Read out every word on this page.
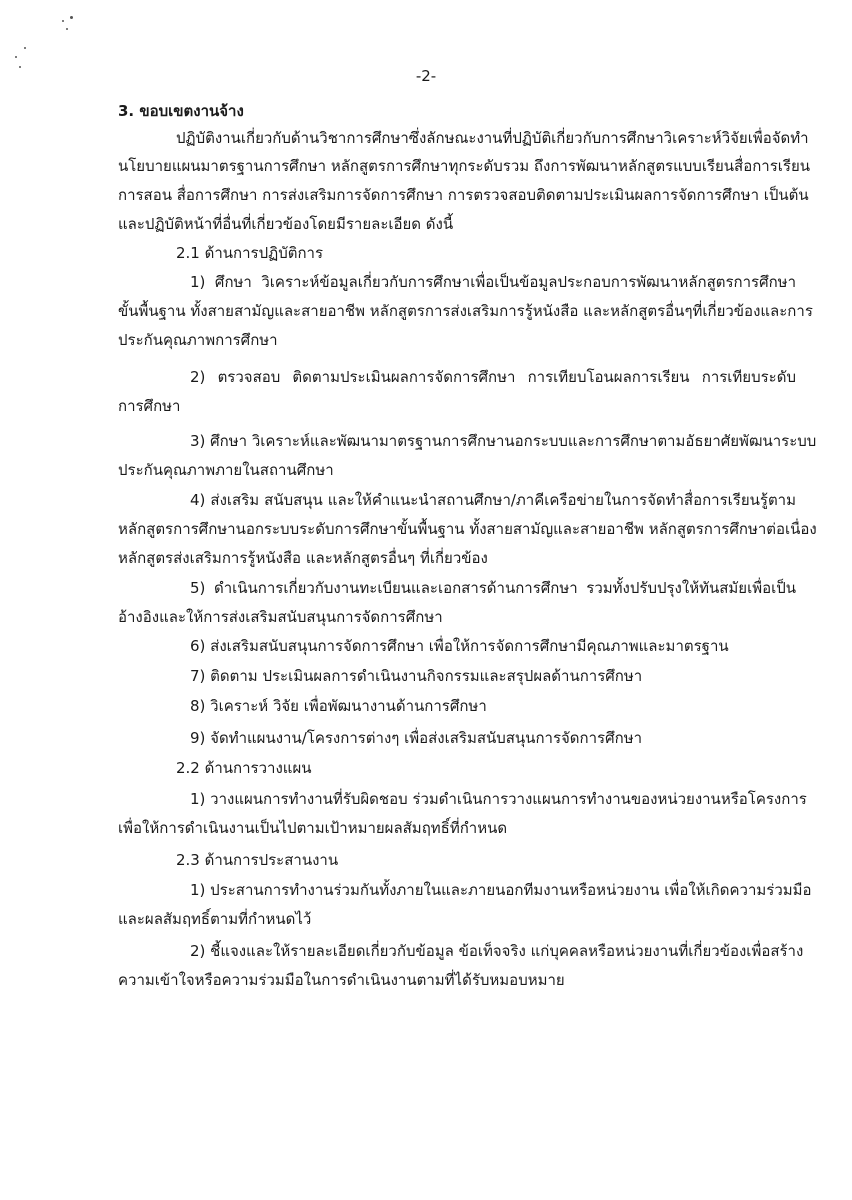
-2-
3. ขอบเขตงานจ้าง
ปฏิบัติงานเกี่ยวกับด้านวิชาการศึกษาซึ่งลักษณะงานที่ปฏิบัติเกี่ยวกับการศึกษาวิเคราะห์วิจัยเพื่อจัดทำ
นโยบายแผนมาตรฐานการศึกษา หลักสูตรการศึกษาทุกระดับรวม ถึงการพัฒนาหลักสูตรแบบเรียนสื่อการเรียน
การสอน สื่อการศึกษา การส่งเสริมการจัดการศึกษา การตรวจสอบติดตามประเมินผลการจัดการศึกษา เป็นต้น
และปฏิบัติหน้าที่อื่นที่เกี่ยวข้องโดยมีรายละเอียด ดังนี้
2.1 ด้านการปฏิบัติการ
1) ศึกษา วิเคราะห์ข้อมูลเกี่ยวกับการศึกษาเพื่อเป็นข้อมูลประกอบการพัฒนาหลักสูตรการศึกษา
ขั้นพื้นฐาน ทั้งสายสามัญและสายอาชีพ หลักสูตรการส่งเสริมการรู้หนังสือ และหลักสูตรอื่นๆที่เกี่ยวข้องและการ
ประกันคุณภาพการศึกษา
2) ตรวจสอบ ติดตามประเมินผลการจัดการศึกษา การเทียบโอนผลการเรียน การเทียบระดับ
การศึกษา
3) ศึกษา วิเคราะห์และพัฒนามาตรฐานการศึกษานอกระบบและการศึกษาตามอัธยาศัยพัฒนาระบบ
ประกันคุณภาพภายในสถานศึกษา
4) ส่งเสริม สนับสนุน และให้คำแนะนำสถานศึกษา/ภาคีเครือข่ายในการจัดทำสื่อการเรียนรู้ตาม
หลักสูตรการศึกษานอกระบบระดับการศึกษาขั้นพื้นฐาน ทั้งสายสามัญและสายอาชีพ หลักสูตรการศึกษาต่อเนื่อง
หลักสูตรส่งเสริมการรู้หนังสือ และหลักสูตรอื่นๆ ที่เกี่ยวข้อง
5) ดำเนินการเกี่ยวกับงานทะเบียนและเอกสารด้านการศึกษา รวมทั้งปรับปรุงให้ทันสมัยเพื่อเป็น
อ้างอิงและให้การส่งเสริมสนับสนุนการจัดการศึกษา
6) ส่งเสริมสนับสนุนการจัดการศึกษา เพื่อให้การจัดการศึกษามีคุณภาพและมาตรฐาน
7) ติดตาม ประเมินผลการดำเนินงานกิจกรรมและสรุปผลด้านการศึกษา
8) วิเคราะห์ วิจัย เพื่อพัฒนางานด้านการศึกษา
9) จัดทำแผนงาน/โครงการต่างๆ เพื่อส่งเสริมสนับสนุนการจัดการศึกษา
2.2 ด้านการวางแผน
1) วางแผนการทำงานที่รับผิดชอบ ร่วมดำเนินการวางแผนการทำงานของหน่วยงานหรือโครงการ
เพื่อให้การดำเนินงานเป็นไปตามเป้าหมายผลสัมฤทธิ์ที่กำหนด
2.3 ด้านการประสานงาน
1) ประสานการทำงานร่วมกันทั้งภายในและภายนอกทีมงานหรือหน่วยงาน เพื่อให้เกิดความร่วมมือ
และผลสัมฤทธิ์ตามที่กำหนดไว้
2) ชี้แจงและให้รายละเอียดเกี่ยวกับข้อมูล ข้อเท็จจริง แก่บุคคลหรือหน่วยงานที่เกี่ยวข้องเพื่อสร้าง
ความเข้าใจหรือความร่วมมือในการดำเนินงานตามที่ได้รับหมอบหมาย
